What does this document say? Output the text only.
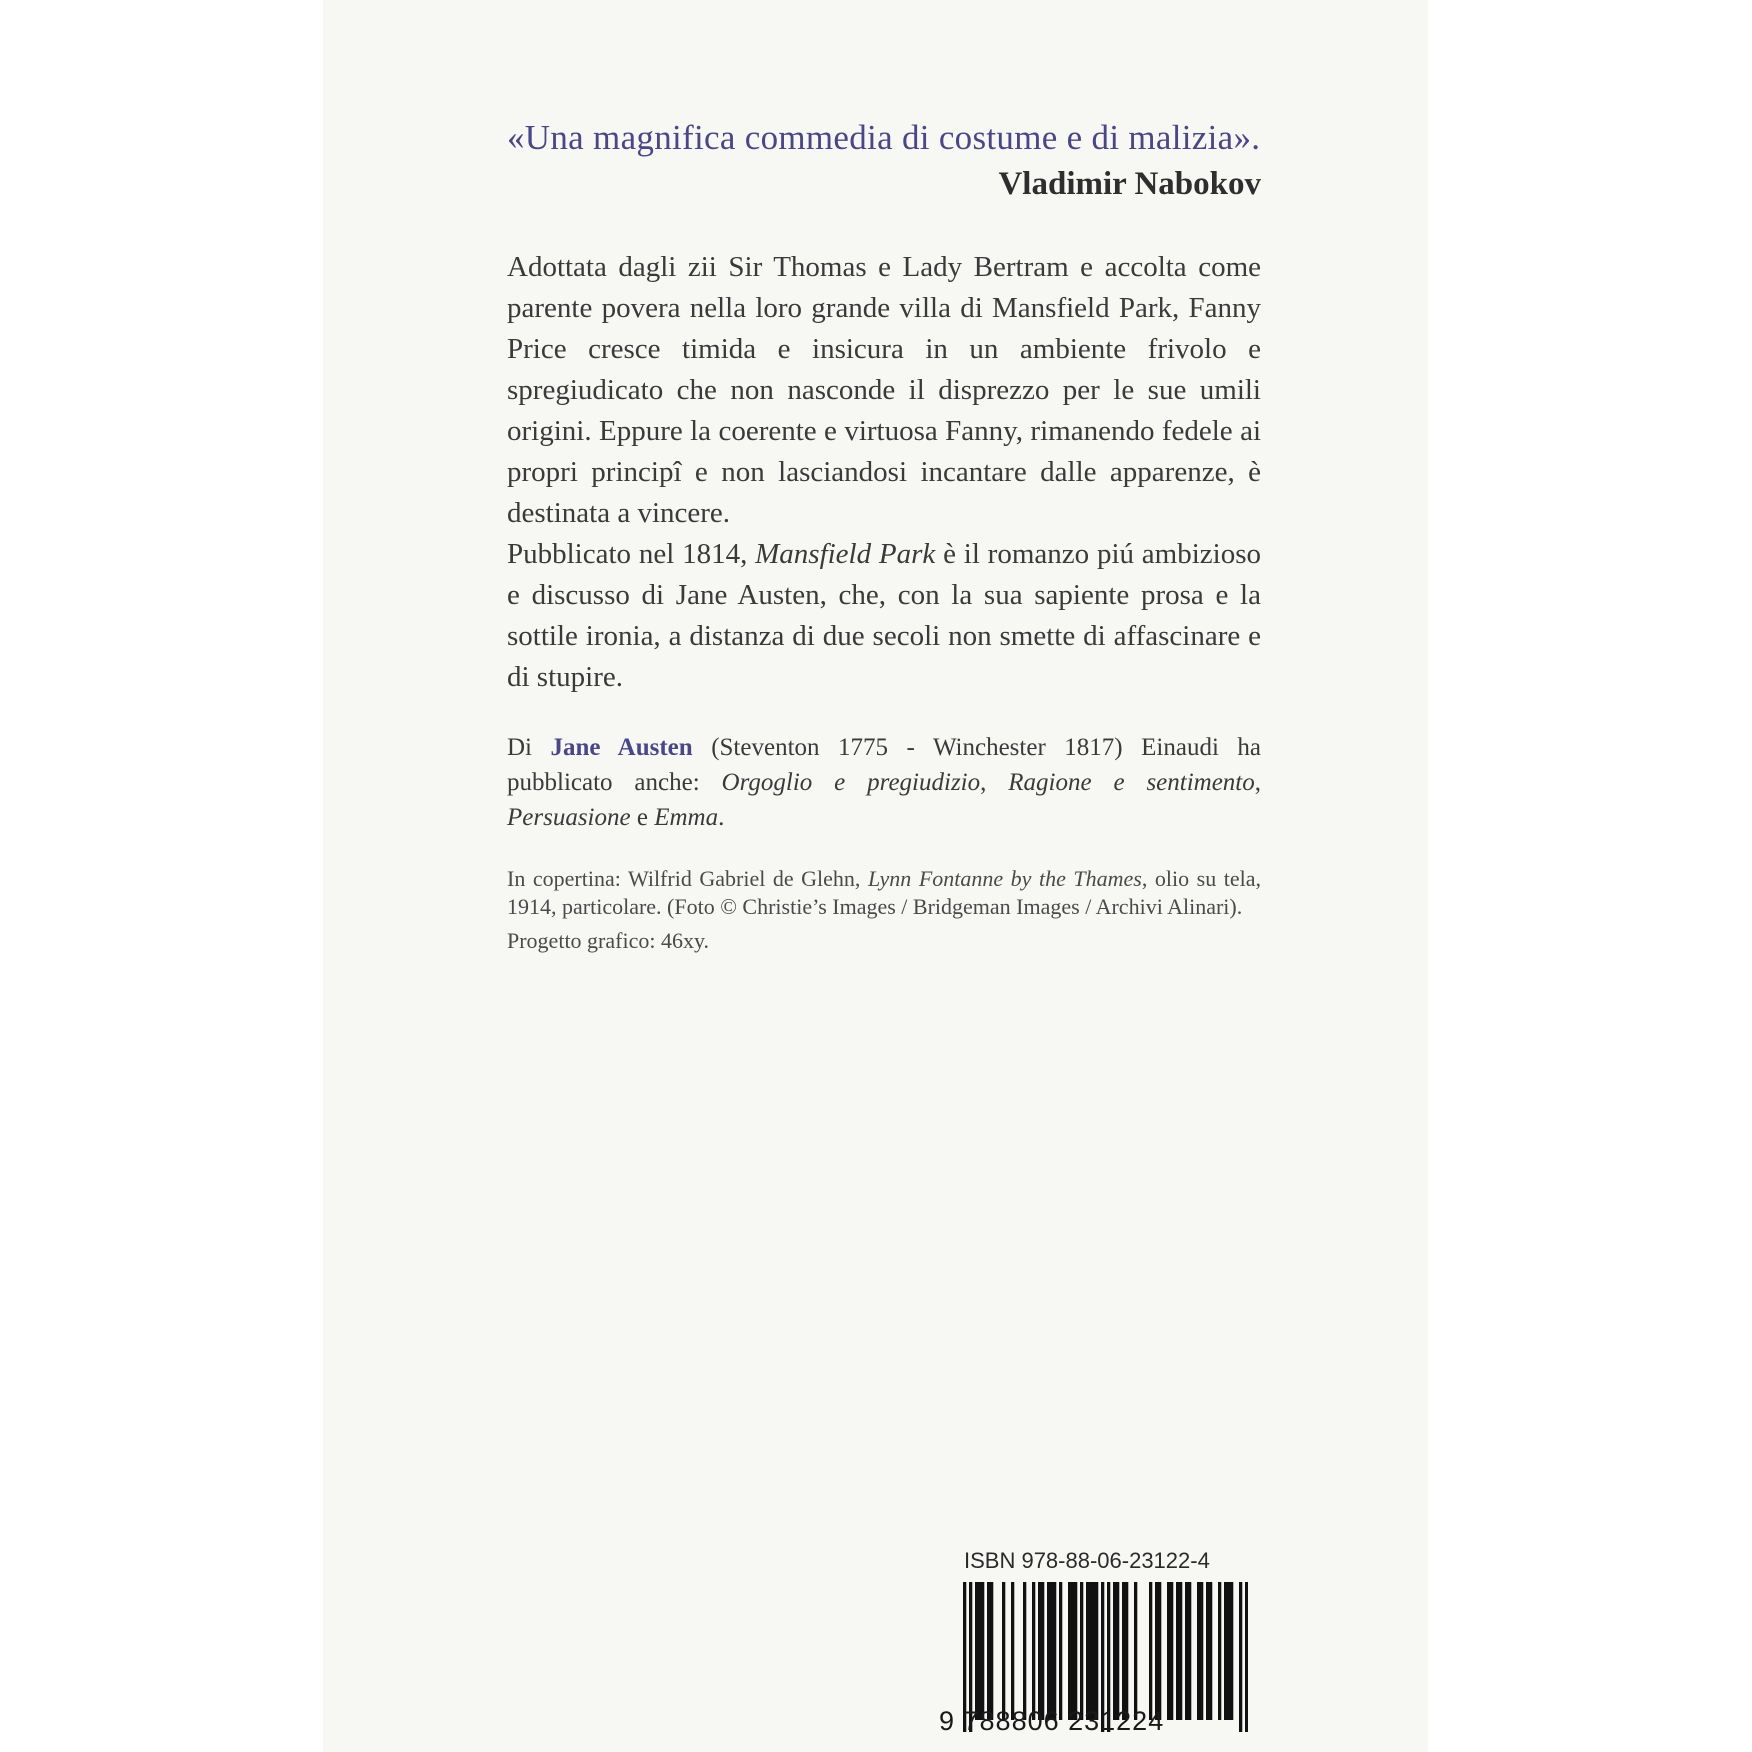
«Una magnifica commedia di costume e di malizia».

Vladimir Nabokov

Adottata dagli zii Sir Thomas e Lady Bertram e accolta come parente povera nella loro grande villa di Mansfield Park, Fanny Price cresce timida e insicura in un ambiente frivolo e spregiudicato che non nasconde il disprezzo per le sue umili origini. Eppure la coerente e virtuosa Fanny, rimanendo fedele ai propri principî e non lasciandosi incantare dalle apparenze, è destinata a vincere.

Pubblicato nel 1814, Mansfield Park è il romanzo piú ambizioso e discusso di Jane Austen, che, con la sua sapiente prosa e la sottile ironia, a distanza di due secoli non smette di affascinare e di stupire.

Di Jane Austen (Steventon 1775 - Winchester 1817) Einaudi ha pubblicato anche: Orgoglio e pregiudizio, Ragione e sentimento, Persuasione e Emma.

In copertina: Wilfrid Gabriel de Glehn, Lynn Fontanne by the Thames, olio su tela, 1914, particolare. (Foto © Christie’s Images / Bridgeman Images / Archivi Alinari).

Progetto grafico: 46xy.

ISBN 978-88-06-23122-4
9 788806 231224
